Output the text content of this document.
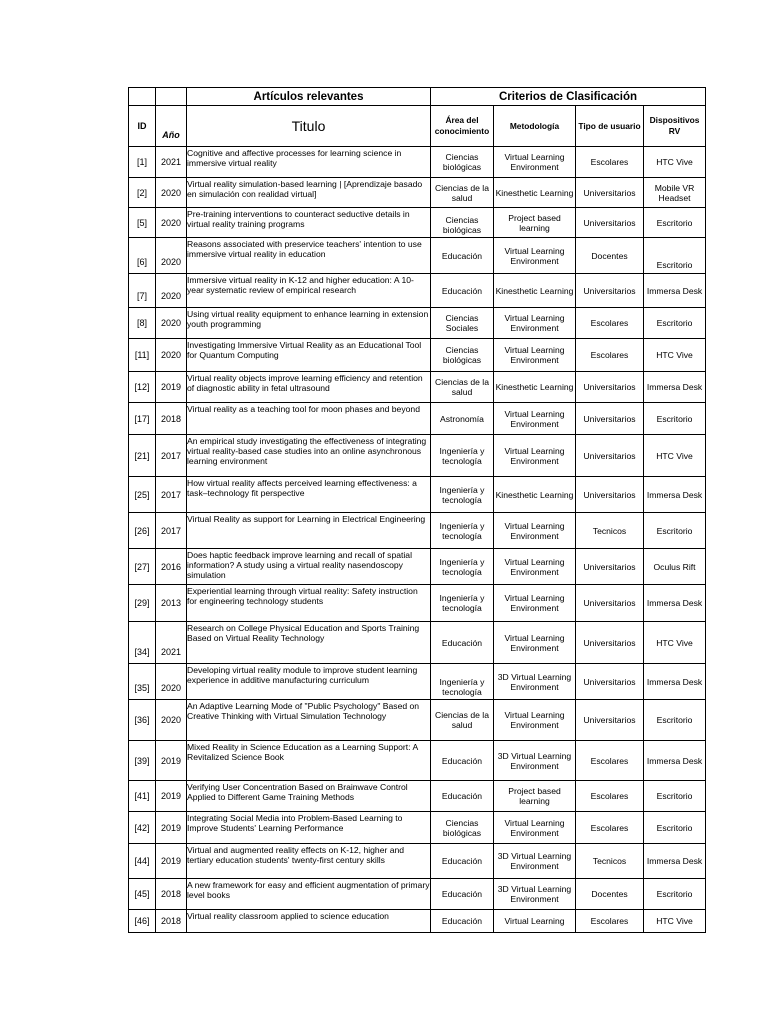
		Artículos relevantes	Criterios de Clasificación			
ID	Año	Titulo	Área del conocimiento	Metodología	Tipo de usuario	Dispositivos RV
[1]	2021	Cognitive and affective processes for learning science in immersive virtual reality	Ciencias biológicas	Virtual Learning Environment	Escolares	HTC Vive
[2]	2020	Virtual reality simulation-based learning | [Aprendizaje basado en simulación con realidad virtual]	Ciencias de la salud	Kinesthetic Learning	Universitarios	Mobile VR Headset
[5]	2020	Pre-training interventions to counteract seductive details in virtual reality training programs	Ciencias biológicas	Project based learning	Universitarios	Escritorio
[6]	2020	Reasons associated with preservice teachers' intention to use immersive virtual reality in education	Educación	Virtual Learning Environment	Docentes	Escritorio
[7]	2020	Immersive virtual reality in K-12 and higher education: A 10-year systematic review of empirical research	Educación	Kinesthetic Learning	Universitarios	Immersa Desk
[8]	2020	Using virtual reality equipment to enhance learning in extension youth programming	Ciencias Sociales	Virtual Learning Environment	Escolares	Escritorio
[11]	2020	Investigating Immersive Virtual Reality as an Educational Tool for Quantum Computing	Ciencias biológicas	Virtual Learning Environment	Escolares	HTC Vive
[12]	2019	Virtual reality objects improve learning efficiency and retention of diagnostic ability in fetal ultrasound	Ciencias de la salud	Kinesthetic Learning	Universitarios	Immersa Desk
[17]	2018	Virtual reality as a teaching tool for moon phases and beyond	Astronomía	Virtual Learning Environment	Universitarios	Escritorio
[21]	2017	An empirical study investigating the effectiveness of integrating virtual reality-based case studies into an online asynchronous learning environment	Ingeniería y tecnología	Virtual Learning Environment	Universitarios	HTC Vive
[25]	2017	How virtual reality affects perceived learning effectiveness: a task–technology fit perspective	Ingeniería y tecnología	Kinesthetic Learning	Universitarios	Immersa Desk
[26]	2017	Virtual Reality as support for Learning in Electrical Engineering	Ingeniería y tecnología	Virtual Learning Environment	Tecnicos	Escritorio
[27]	2016	Does haptic feedback improve learning and recall of spatial information? A study using a virtual reality nasendoscopy simulation	Ingeniería y tecnología	Virtual Learning Environment	Universitarios	Oculus Rift
[29]	2013	Experiential learning through virtual reality: Safety instruction for engineering technology students	Ingeniería y tecnología	Virtual Learning Environment	Universitarios	Immersa Desk
[34]	2021	Research on College Physical Education and Sports Training Based on Virtual Reality Technology	Educación	Virtual Learning Environment	Universitarios	HTC Vive
[35]	2020	Developing virtual reality module to improve student learning experience in additive manufacturing curriculum	Ingeniería y tecnología	3D Virtual Learning Environment	Universitarios	Immersa Desk
[36]	2020	An Adaptive Learning Mode of "Public Psychology" Based on Creative Thinking with Virtual Simulation Technology	Ciencias de la salud	Virtual Learning Environment	Universitarios	Escritorio
[39]	2019	Mixed Reality in Science Education as a Learning Support: A Revitalized Science Book	Educación	3D Virtual Learning Environment	Escolares	Immersa Desk
[41]	2019	Verifying User Concentration Based on Brainwave Control Applied to Different Game Training Methods	Educación	Project based learning	Escolares	Escritorio
[42]	2019	Integrating Social Media into Problem-Based Learning to Improve Students' Learning Performance	Ciencias biológicas	Virtual Learning Environment	Escolares	Escritorio
[44]	2019	Virtual and augmented reality effects on K-12, higher and tertiary education students' twenty-first century skills	Educación	3D Virtual Learning Environment	Tecnicos	Immersa Desk
[45]	2018	A new framework for easy and efficient augmentation of primary level books	Educación	3D Virtual Learning Environment	Docentes	Escritorio
[46]	2018	Virtual reality classroom applied to science education	Educación	Virtual Learning	Escolares	HTC Vive
